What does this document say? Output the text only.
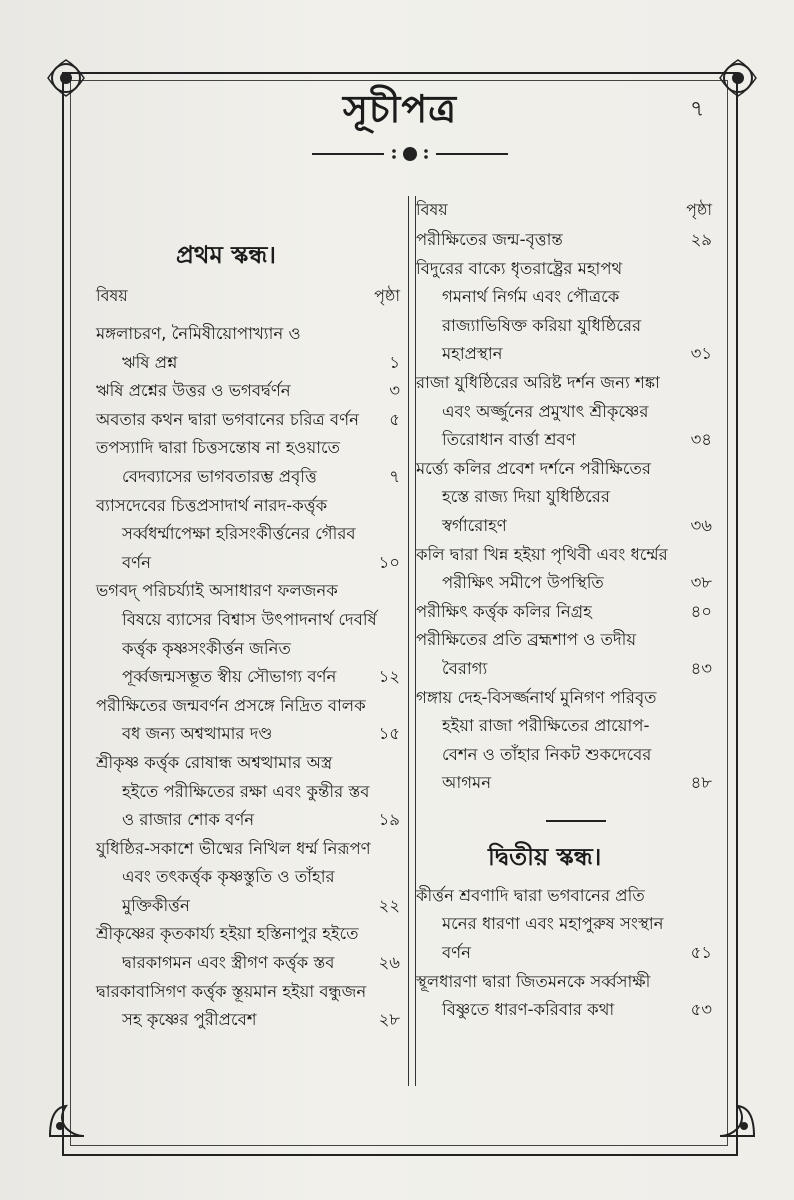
সূচীপত্র	৭
প্রথম স্কন্ধ।
বিষয়	পৃষ্ঠা
মঙ্গলাচরণ, নৈমিষীয়োপাখ্যান ও
ঋষি প্রশ্ন	১
ঋষি প্রশ্নের উত্তর ও ভগবৰ্দ্বর্ণন	৩
অবতার কথন দ্বারা ভগবানের চরিত্র বর্ণন	৫
তপস্যাদি দ্বারা চিত্তসন্তোষ না হওয়াতে
বেদব্যাসের ভাগবতারম্ভ প্রবৃত্তি	৭
ব্যাসদেবের চিত্তপ্রসাদার্থ নারদ-কর্ত্তৃক
সর্ব্বধর্ম্মাপেক্ষা হরিসংকীর্ত্তনের গৌরব
বর্ণন	১০
ভগবদ্ পরিচর্য্যাই অসাধারণ ফলজনক
বিষয়ে ব্যাসের বিশ্বাস উৎপাদনার্থ দেবর্ষি
কর্ত্তৃক কৃষ্ণসংকীর্ত্তন জনিত
পূর্ব্বজন্মসম্ভূত স্বীয় সৌভাগ্য বর্ণন	১২
পরীক্ষিতের জন্মবর্ণন প্রসঙ্গে নিদ্রিত বালক
বধ জন্য অশ্বত্থামার দণ্ড	১৫
শ্রীকৃষ্ণ কর্ত্তৃক রোষান্ধ অশ্বত্থামার অস্ত্র
হইতে পরীক্ষিতের রক্ষা এবং কুন্তীর স্তব
ও রাজার শোক বর্ণন	১৯
যুধিষ্ঠির-সকাশে ভীষ্মের নিখিল ধর্ম্ম নিরূপণ
এবং তৎকর্ত্তৃক কৃষ্ণস্তুতি ও তাঁহার
মুক্তিকীর্ত্তন	২২
শ্রীকৃষ্ণের কৃতকার্য্য হইয়া হস্তিনাপুর হইতে
দ্বারকাগমন এবং স্ত্রীগণ কর্ত্তৃক স্তব	২৬
দ্বারকাবাসিগণ কর্ত্তৃক স্তূয়মান হইয়া বন্ধুজন
সহ কৃষ্ণের পুরীপ্রবেশ	২৮
বিষয়	পৃষ্ঠা
পরীক্ষিতের জন্ম-বৃত্তান্ত	২৯
বিদুরের বাক্যে ধৃতরাষ্ট্রের মহাপথ
গমনার্থ নির্গম এবং পৌত্রকে
রাজ্যাভিষিক্ত করিয়া যুধিষ্ঠিরের
মহাপ্রস্থান	৩১
রাজা যুধিষ্ঠিরের অরিষ্ট দর্শন জন্য শঙ্কা
এবং অর্জ্জুনের প্রমুখাৎ শ্রীকৃষ্ণের
তিরোধান বার্ত্তা শ্রবণ	৩৪
মর্ত্ত্যে কলির প্রবেশ দর্শনে পরীক্ষিতের
হস্তে রাজ্য দিয়া যুধিষ্ঠিরের
স্বর্গারোহণ	৩৬
কলি দ্বারা খিন্ন হইয়া পৃথিবী এবং ধর্ম্মের
পরীক্ষিৎ সমীপে উপস্থিতি	৩৮
পরীক্ষিৎ কর্ত্তৃক কলির নিগ্রহ	৪০
পরীক্ষিতের প্রতি ব্রহ্মশাপ ও তদীয়
বৈরাগ্য	৪৩
গঙ্গায় দেহ-বিসর্জ্জনার্থ মুনিগণ পরিবৃত
হইয়া রাজা পরীক্ষিতের প্রায়োপ-
বেশন ও তাঁহার নিকট শুকদেবের
আগমন	৪৮
দ্বিতীয় স্কন্ধ।
কীর্ত্তন শ্রবণাদি দ্বারা ভগবানের প্রতি
মনের ধারণা এবং মহাপুরুষ সংস্থান
বর্ণন	৫১
স্থূলধারণা দ্বারা জিতমনকে সর্ব্বসাক্ষী
বিষ্ণুতে ধারণ-করিবার কথা	৫৩
